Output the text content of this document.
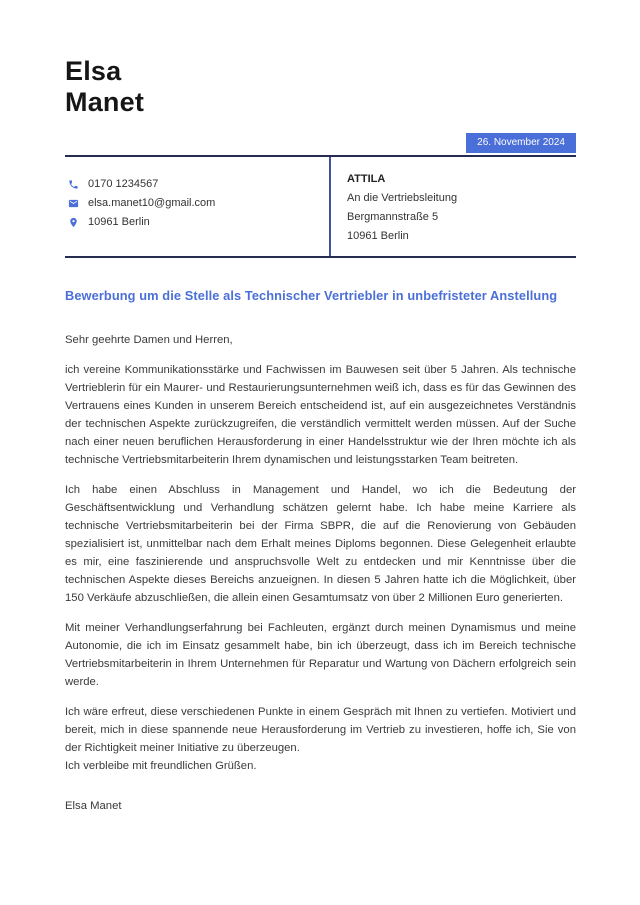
Elsa
Manet
26. November 2024
0170 1234567
elsa.manet10@gmail.com
10961 Berlin
ATTILA
An die Vertriebsleitung
Bergmannstraße 5
10961 Berlin
Bewerbung um die Stelle als Technischer Vertriebler in unbefristeter Anstellung

Sehr geehrte Damen und Herren,

ich vereine Kommunikationsstärke und Fachwissen im Bauwesen seit über 5 Jahren. Als technische Vertrieblerin für ein Maurer- und Restaurierungsunternehmen weiß ich, dass es für das Gewinnen des Vertrauens eines Kunden in unserem Bereich entscheidend ist, auf ein ausgezeichnetes Verständnis der technischen Aspekte zurückzugreifen, die verständlich vermittelt werden müssen. Auf der Suche nach einer neuen beruflichen Herausforderung in einer Handelsstruktur wie der Ihren möchte ich als technische Vertriebsmitarbeiterin Ihrem dynamischen und leistungsstarken Team beitreten.

Ich habe einen Abschluss in Management und Handel, wo ich die Bedeutung der Geschäftsentwicklung und Verhandlung schätzen gelernt habe. Ich habe meine Karriere als technische Vertriebsmitarbeiterin bei der Firma SBPR, die auf die Renovierung von Gebäuden spezialisiert ist, unmittelbar nach dem Erhalt meines Diploms begonnen. Diese Gelegenheit erlaubte es mir, eine faszinierende und anspruchsvolle Welt zu entdecken und mir Kenntnisse über die technischen Aspekte dieses Bereichs anzueignen. In diesen 5 Jahren hatte ich die Möglichkeit, über 150 Verkäufe abzuschließen, die allein einen Gesamtumsatz von über 2 Millionen Euro generierten.

Mit meiner Verhandlungserfahrung bei Fachleuten, ergänzt durch meinen Dynamismus und meine Autonomie, die ich im Einsatz gesammelt habe, bin ich überzeugt, dass ich im Bereich technische Vertriebsmitarbeiterin in Ihrem Unternehmen für Reparatur und Wartung von Dächern erfolgreich sein werde.

Ich wäre erfreut, diese verschiedenen Punkte in einem Gespräch mit Ihnen zu vertiefen. Motiviert und bereit, mich in diese spannende neue Herausforderung im Vertrieb zu investieren, hoffe ich, Sie von der Richtigkeit meiner Initiative zu überzeugen.
Ich verbleibe mit freundlichen Grüßen.

Elsa Manet
